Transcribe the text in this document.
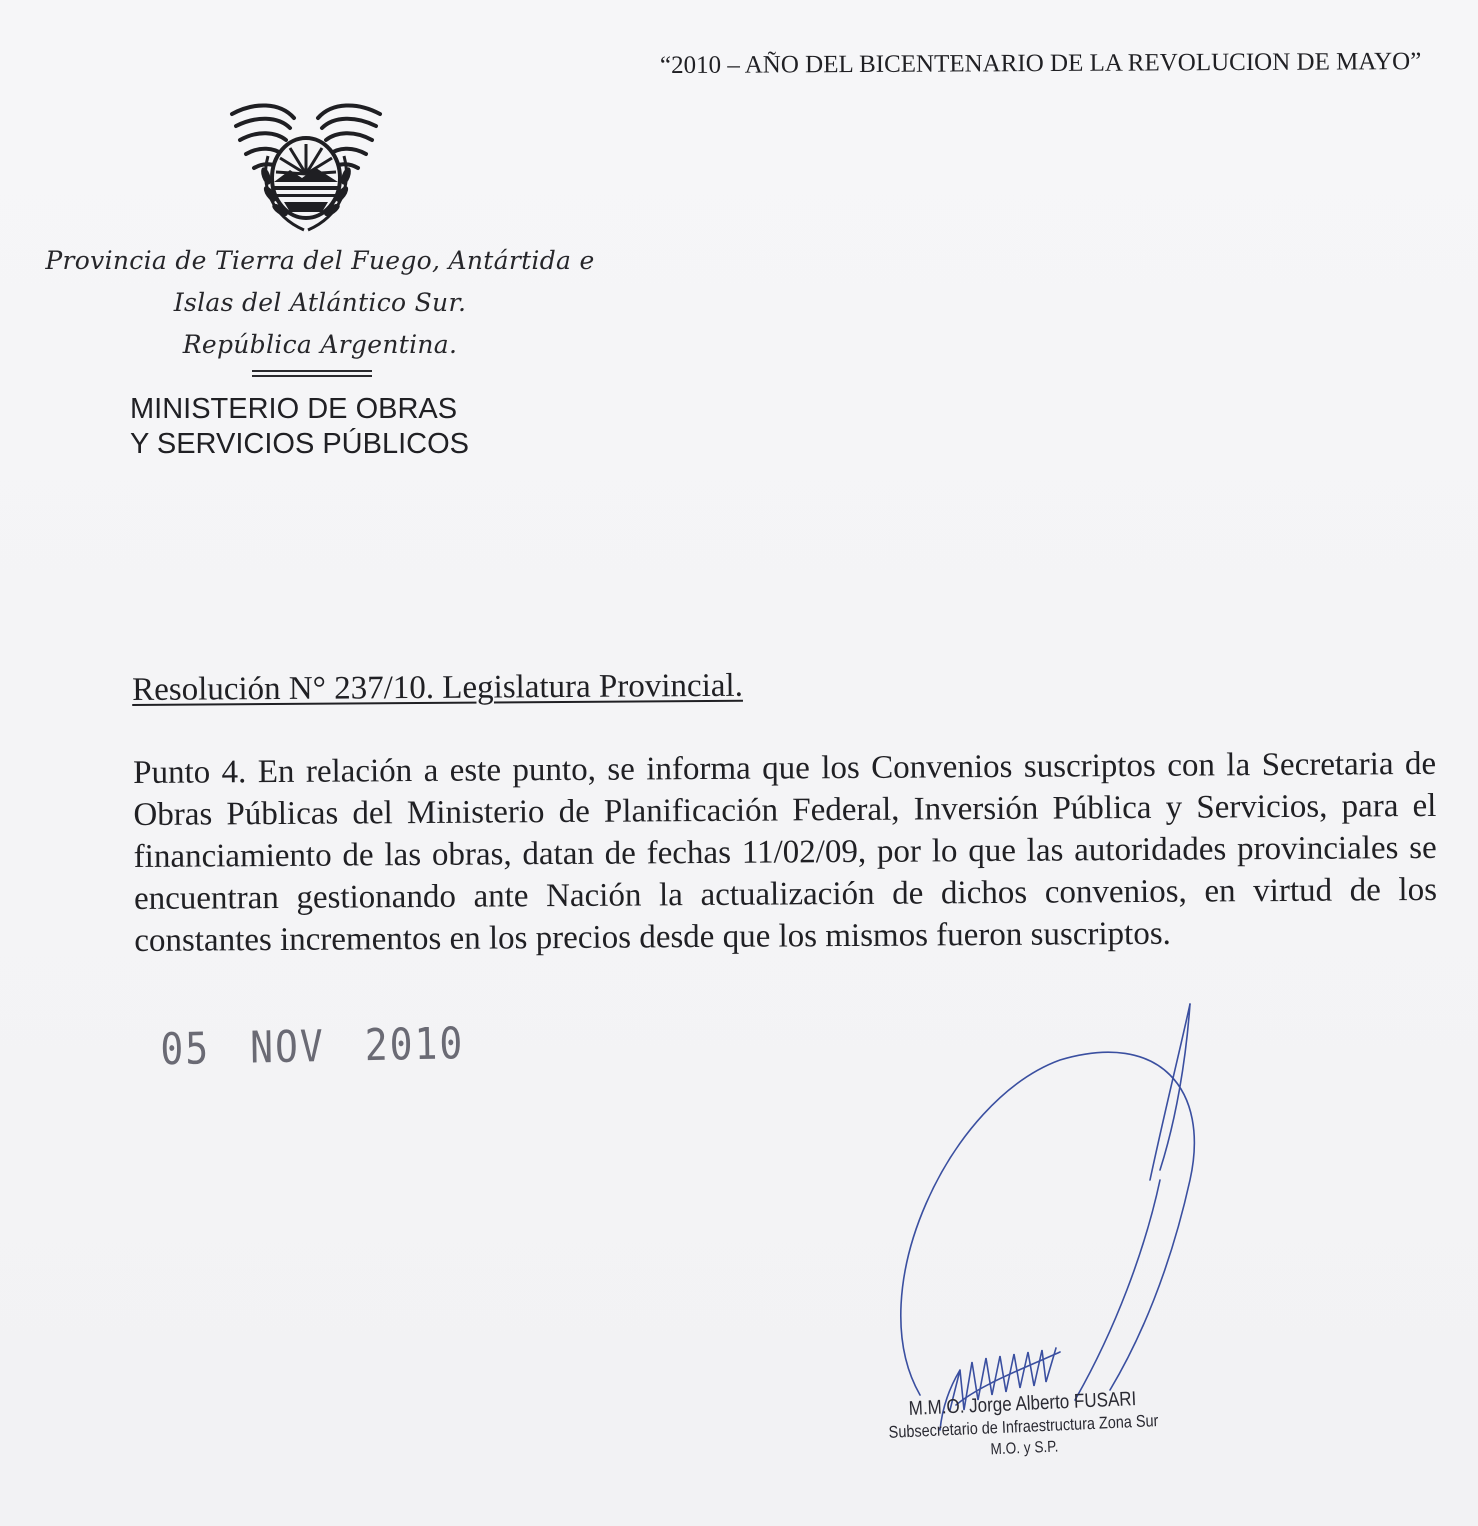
“2010 – AÑO DEL BICENTENARIO DE LA REVOLUCION DE MAYO”
Provincia de Tierra del Fuego, Antártida e
Islas del Atlántico Sur.
República Argentina.
MINISTERIO DE OBRAS
Y SERVICIOS PÚBLICOS
Resolución N° 237/10. Legislatura Provincial.
Punto 4. En relación a este punto, se informa que los Convenios suscriptos con la Secretaria de Obras Públicas del Ministerio de Planificación Federal, Inversión Pública y Servicios, para el financiamiento de las obras, datan de fechas 11/02/09, por lo que las autoridades provinciales se encuentran gestionando ante Nación la actualización de dichos convenios, en virtud de los constantes incrementos en los precios desde que los mismos fueron suscriptos.
05 NOV 2010
M.M.O. Jorge Alberto FUSARI
Subsecretario de Infraestructura Zona Sur
M.O. y S.P.
